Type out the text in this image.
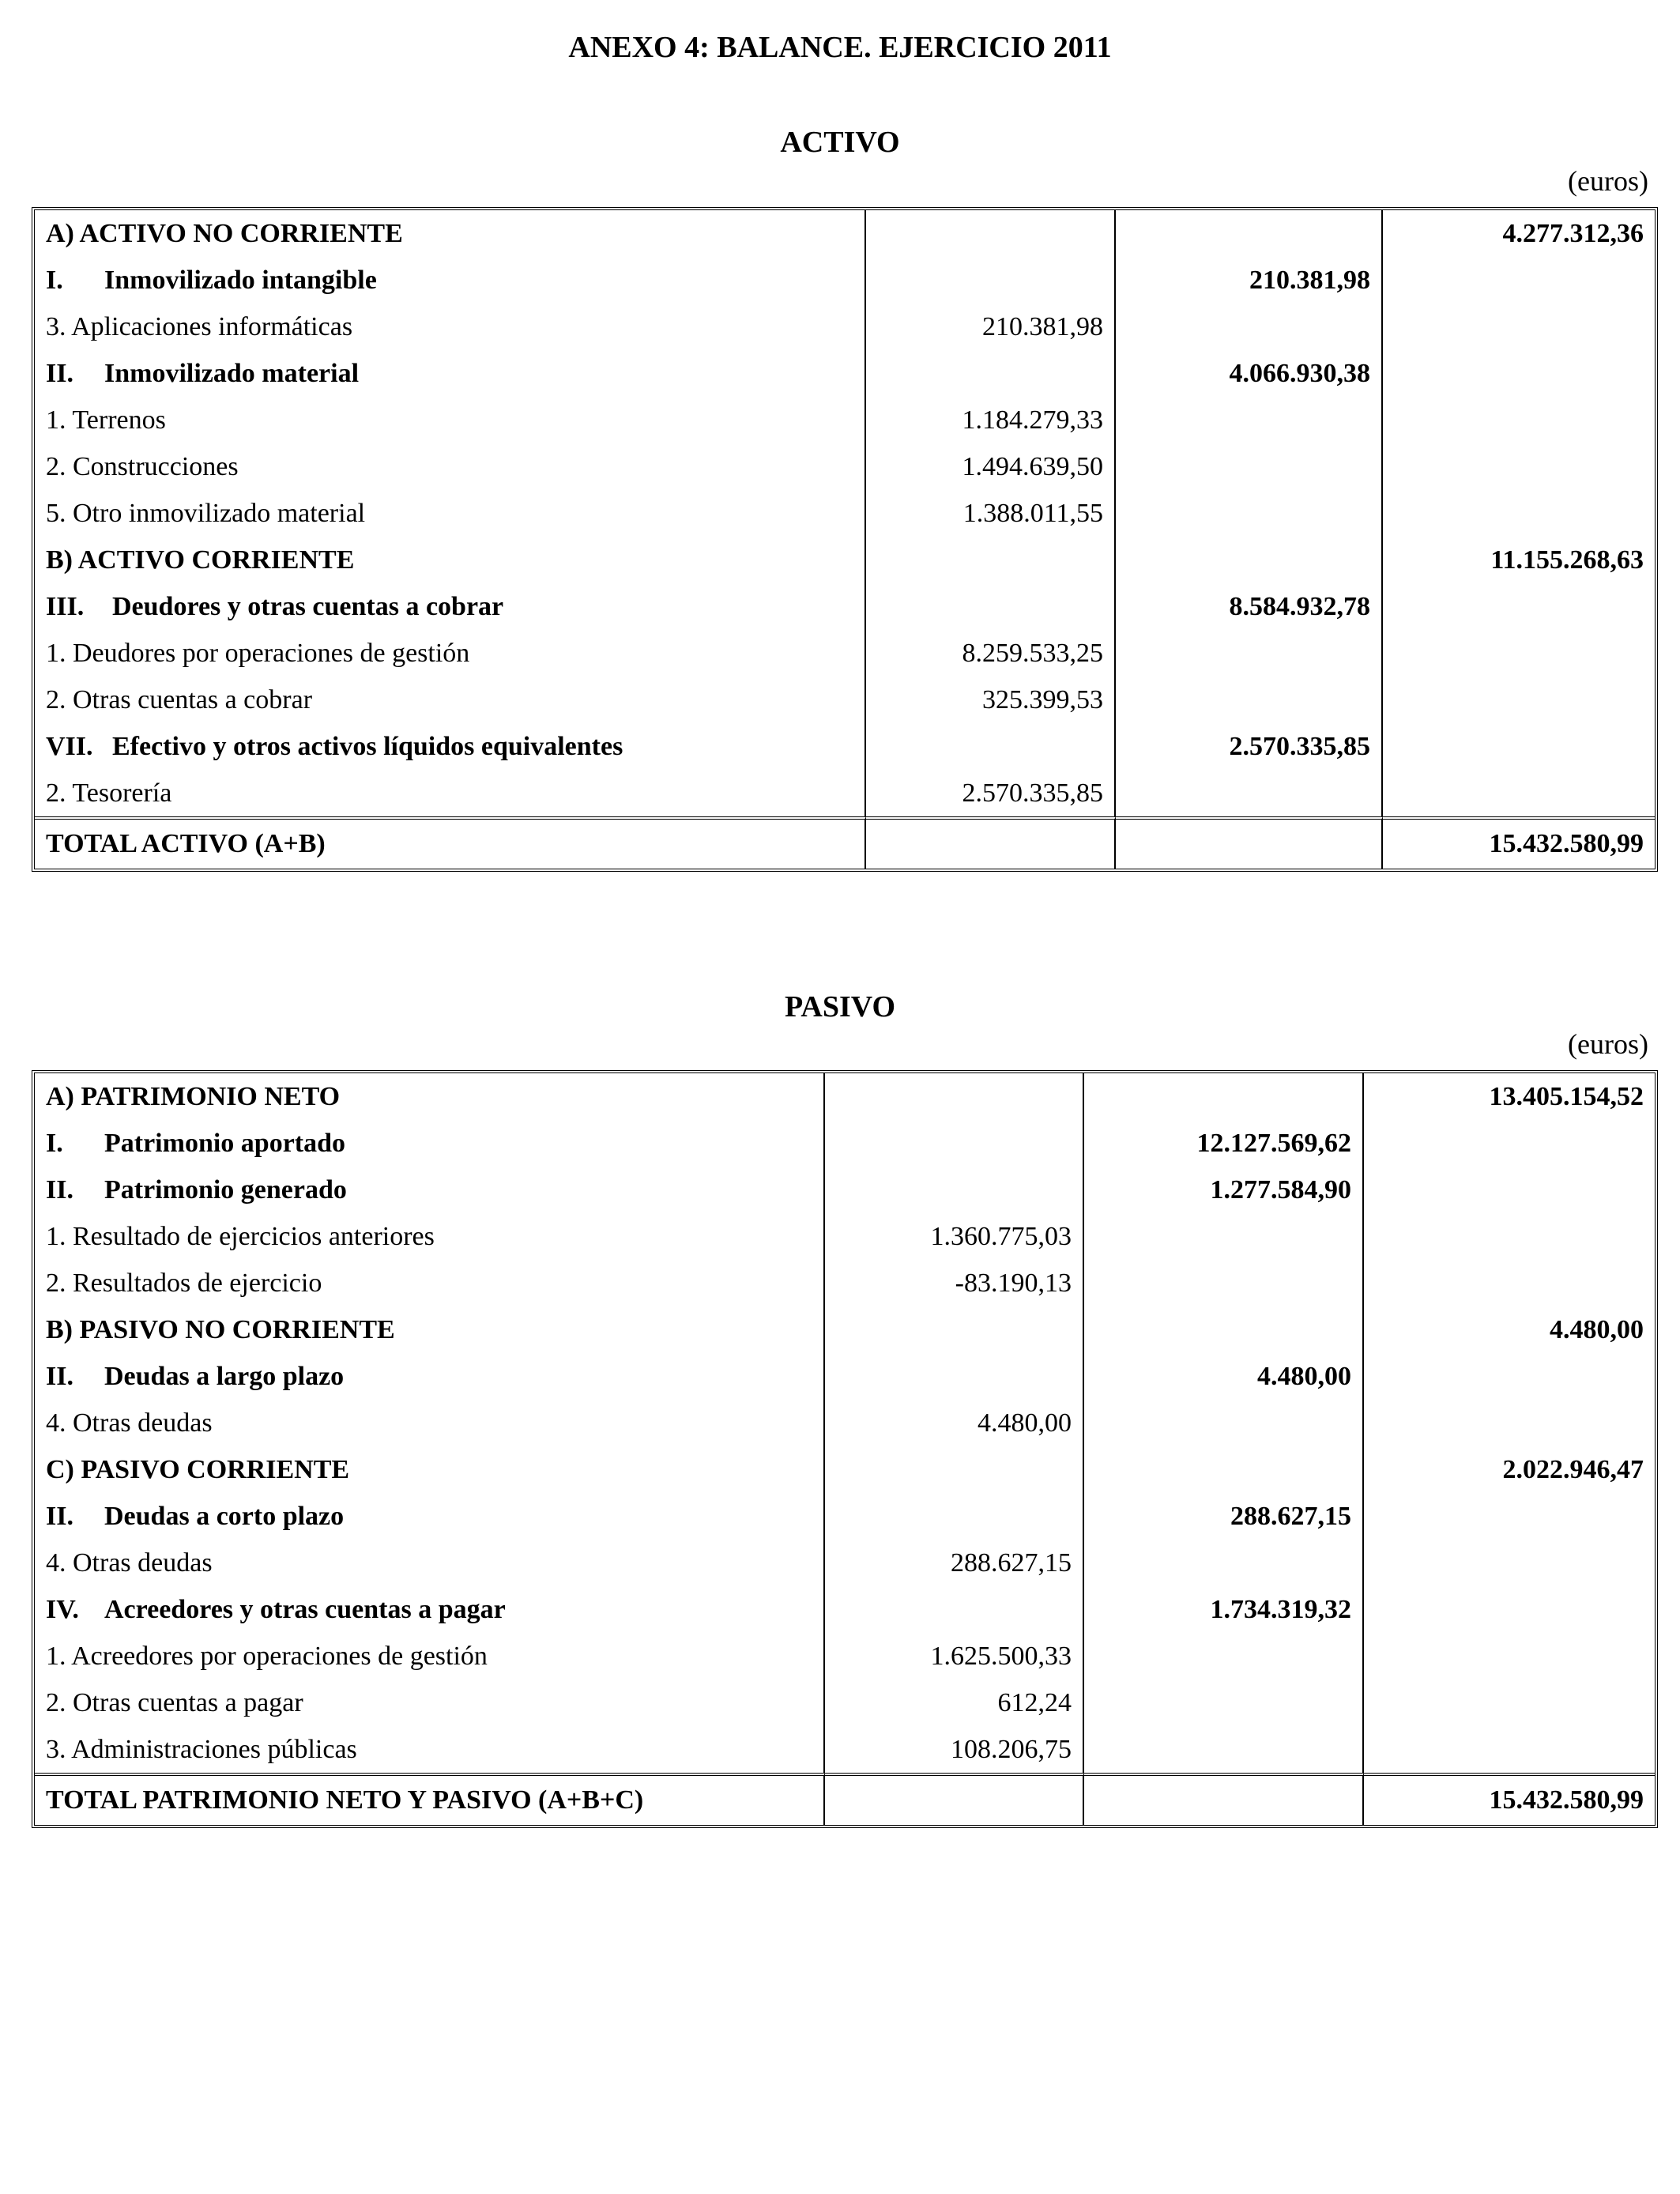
ANEXO 4: BALANCE. EJERCICIO 2011
ACTIVO
(euros)
A) ACTIVO NO CORRIENTE			4.277.312,36
I. Inmovilizado intangible		210.381,98	
3. Aplicaciones informáticas	210.381,98		
II. Inmovilizado material		4.066.930,38	
1. Terrenos	1.184.279,33		
2. Construcciones	1.494.639,50		
5. Otro inmovilizado material	1.388.011,55		
B) ACTIVO CORRIENTE			11.155.268,63
III. Deudores y otras cuentas a cobrar		8.584.932,78	
1. Deudores por operaciones de gestión	8.259.533,25		
2. Otras cuentas a cobrar	325.399,53		
VII. Efectivo y otros activos líquidos equivalentes		2.570.335,85	
2. Tesorería	2.570.335,85		
TOTAL ACTIVO (A+B)			15.432.580,99
PASIVO
(euros)
A) PATRIMONIO NETO			13.405.154,52
I. Patrimonio aportado		12.127.569,62	
II. Patrimonio generado		1.277.584,90	
1. Resultado de ejercicios anteriores	1.360.775,03		
2. Resultados de ejercicio	-83.190,13		
B) PASIVO NO CORRIENTE			4.480,00
II. Deudas a largo plazo		4.480,00	
4. Otras deudas	4.480,00		
C) PASIVO CORRIENTE			2.022.946,47
II. Deudas a corto plazo		288.627,15	
4. Otras deudas	288.627,15		
IV. Acreedores y otras cuentas a pagar		1.734.319,32	
1. Acreedores por operaciones de gestión	1.625.500,33		
2. Otras cuentas a pagar	612,24		
3. Administraciones públicas	108.206,75		
TOTAL PATRIMONIO NETO Y PASIVO (A+B+C)			15.432.580,99
